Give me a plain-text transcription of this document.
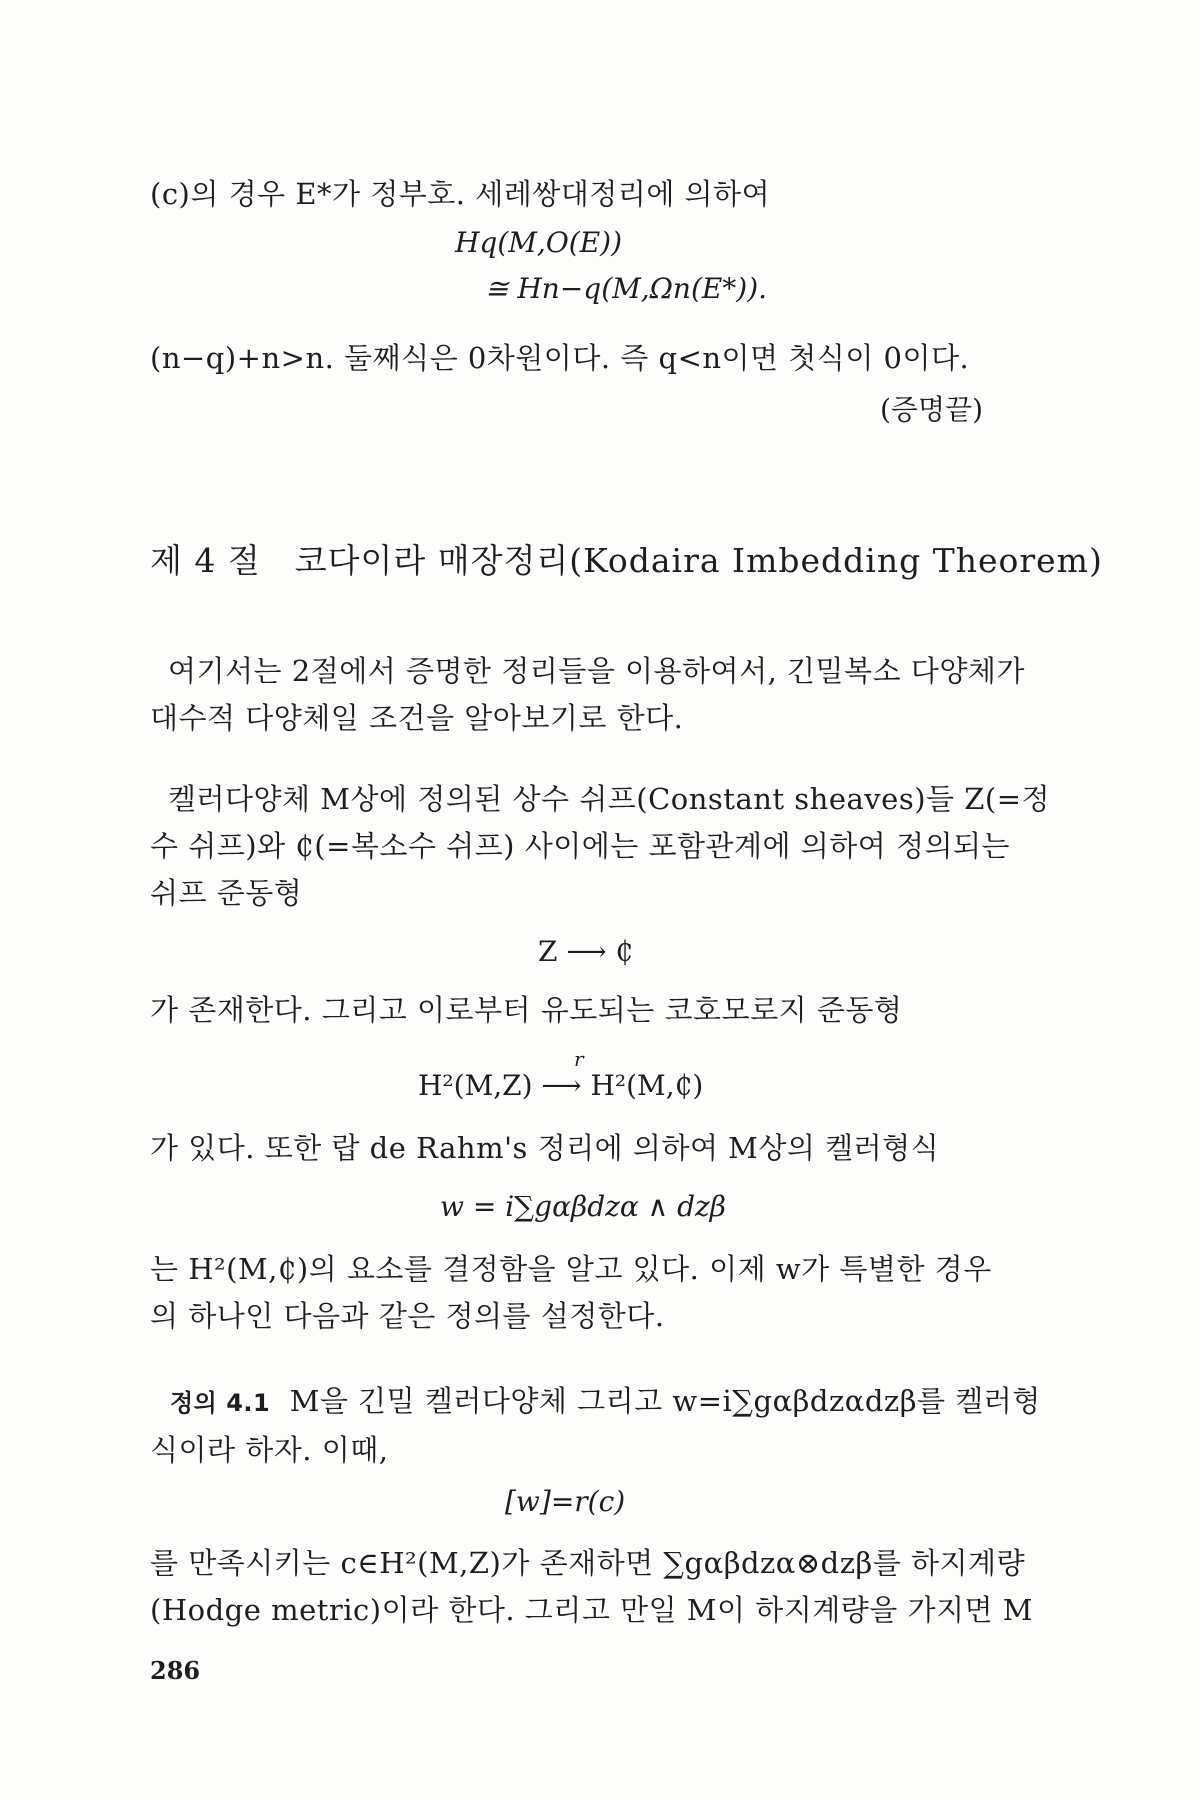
(c)의 경우 E*가 정부호. 세레쌍대정리에 의하여

Hq(M,O(E))
≅ Hn−q(M,Ωn(E*)).

(n−q)+n>n. 둘째식은 0차원이다. 즉 q<n이면 첫식이 0이다.

(증명끝)
제 4 절 코다이라 매장정리(Kodaira Imbedding Theorem)

여기서는 2절에서 증명한 정리들을 이용하여서, 긴밀복소 다양체가

대수적 다양체일 조건을 알아보기로 한다.

켈러다양체 M상에 정의된 상수 쉬프(Constant sheaves)들 Z(=정

수 쉬프)와 ₵(=복소수 쉬프) 사이에는 포함관계에 의하여 정의되는

쉬프 준동형

Z ⟶ ₵

가 존재한다. 그리고 이로부터 유도되는 코호모로지 준동형

H²(M,Z) ⟶ H²(M,₵)
r

가 있다. 또한 랍 de Rahm's 정리에 의하여 M상의 켈러형식

w = i∑gαβdzα ∧ dzβ

는 H²(M,₵)의 요소를 결정함을 알고 있다. 이제 w가 특별한 경우

의 하나인 다음과 같은 정의를 설정한다.

정의 4.1 M을 긴밀 켈러다양체 그리고 w=i∑gαβdzαdzβ를 켈러형

식이라 하자. 이때,

[w]=r(c)

를 만족시키는 c∈H²(M,Z)가 존재하면 ∑gαβdzα⊗dzβ를 하지계량

(Hodge metric)이라 한다. 그리고 만일 M이 하지계량을 가지면 M

286
